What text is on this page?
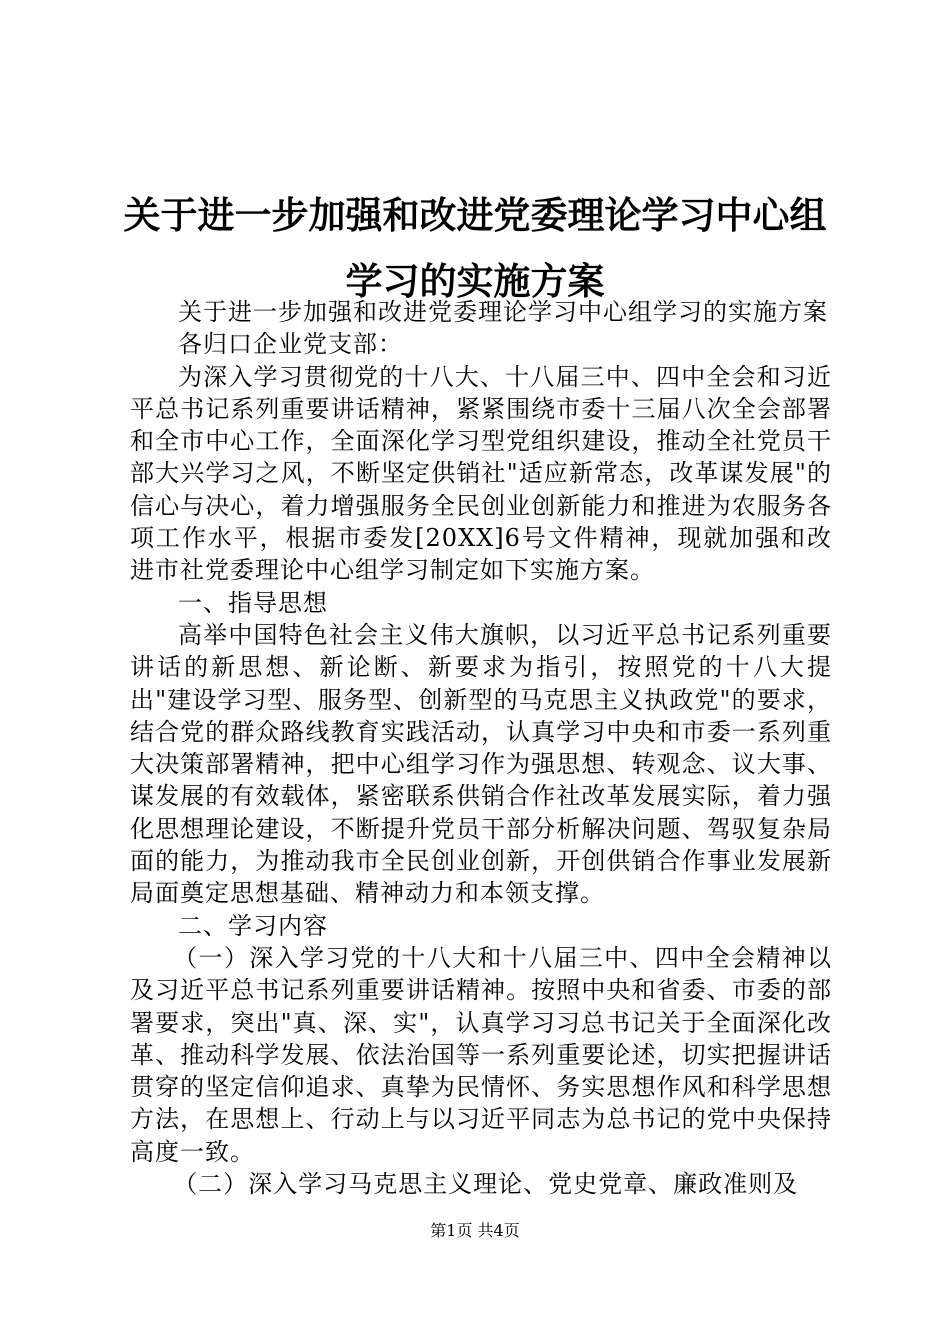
关于进一步加强和改进党委理论学习中心组学习的实施方案

关于进一步加强和改进党委理论学习中心组学习的实施方案

各归口企业党支部：

为深入学习贯彻党的十八大、十八届三中、四中全会和习近平总书记系列重要讲话精神，紧紧围绕市委十三届八次全会部署和全市中心工作，全面深化学习型党组织建设，推动全社党员干部大兴学习之风，不断坚定供销社"适应新常态，改革谋发展"的信心与决心，着力增强服务全民创业创新能力和推进为农服务各项工作水平，根据市委发[20XX]6号文件精神，现就加强和改进市社党委理论中心组学习制定如下实施方案。

一、指导思想

高举中国特色社会主义伟大旗帜，以习近平总书记系列重要讲话的新思想、新论断、新要求为指引，按照党的十八大提出"建设学习型、服务型、创新型的马克思主义执政党"的要求，结合党的群众路线教育实践活动，认真学习中央和市委一系列重大决策部署精神，把中心组学习作为强思想、转观念、议大事、谋发展的有效载体，紧密联系供销合作社改革发展实际，着力强化思想理论建设，不断提升党员干部分析解决问题、驾驭复杂局面的能力，为推动我市全民创业创新，开创供销合作事业发展新局面奠定思想基础、精神动力和本领支撑。

二、学习内容

（一）深入学习党的十八大和十八届三中、四中全会精神以及习近平总书记系列重要讲话精神。按照中央和省委、市委的部署要求，突出"真、深、实"，认真学习习总书记关于全面深化改革、推动科学发展、依法治国等一系列重要论述，切实把握讲话贯穿的坚定信仰追求、真挚为民情怀、务实思想作风和科学思想方法，在思想上、行动上与以习近平同志为总书记的党中央保持高度一致。

（二）深入学习马克思主义理论、党史党章、廉政准则及

第1页 共4页
